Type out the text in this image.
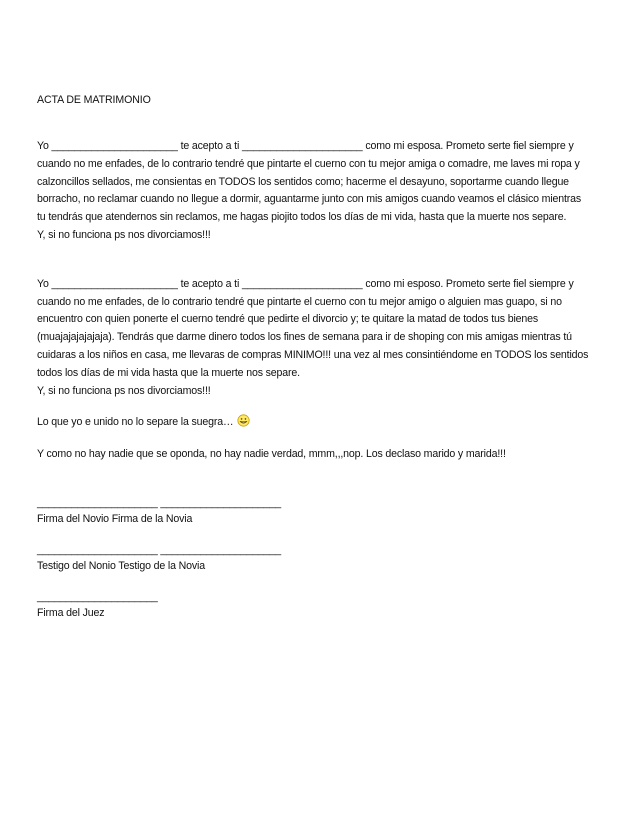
ACTA DE MATRIMONIO

Yo ______________________ te acepto a ti _____________________ como mi esposa. Prometo serte fiel siempre y
cuando no me enfades, de lo contrario tendré que pintarte el cuerno con tu mejor amiga o comadre, me laves mi ropa y
calzoncillos sellados, me consientas en TODOS los sentidos como; hacerme el desayuno, soportarme cuando llegue
borracho, no reclamar cuando no llegue a dormir, aguantarme junto con mis amigos cuando veamos el clásico mientras
tu tendrás que atendernos sin reclamos, me hagas piojito todos los días de mi vida, hasta que la muerte nos separe.
Y, si no funciona ps nos divorciamos!!!
Yo ______________________ te acepto a ti _____________________ como mi esposo. Prometo serte fiel siempre y
cuando no me enfades, de lo contrario tendré que pintarte el cuerno con tu mejor amigo o alguien mas guapo, si no
encuentro con quien ponerte el cuerno tendré que pedirte el divorcio y; te quitare la matad de todos tus bienes
(muajajajajajaja). Tendrás que darme dinero todos los fines de semana para ir de shoping con mis amigas mientras tú
cuidaras a los niños en casa, me llevaras de compras MINIMO!!! una vez al mes consintiéndome en TODOS los sentidos
todos los días de mi vida hasta que la muerte nos separe.
Y, si no funciona ps nos divorciamos!!!
Lo que yo e unido no lo separe la suegra…
Y como no hay nadie que se oponda, no hay nadie verdad, mmm,,,nop. Los declaso marido y marida!!!
_____________________ _____________________
Firma del Novio Firma de la Novia
_____________________ _____________________
Testigo del Nonio Testigo de la Novia
_____________________
Firma del Juez
